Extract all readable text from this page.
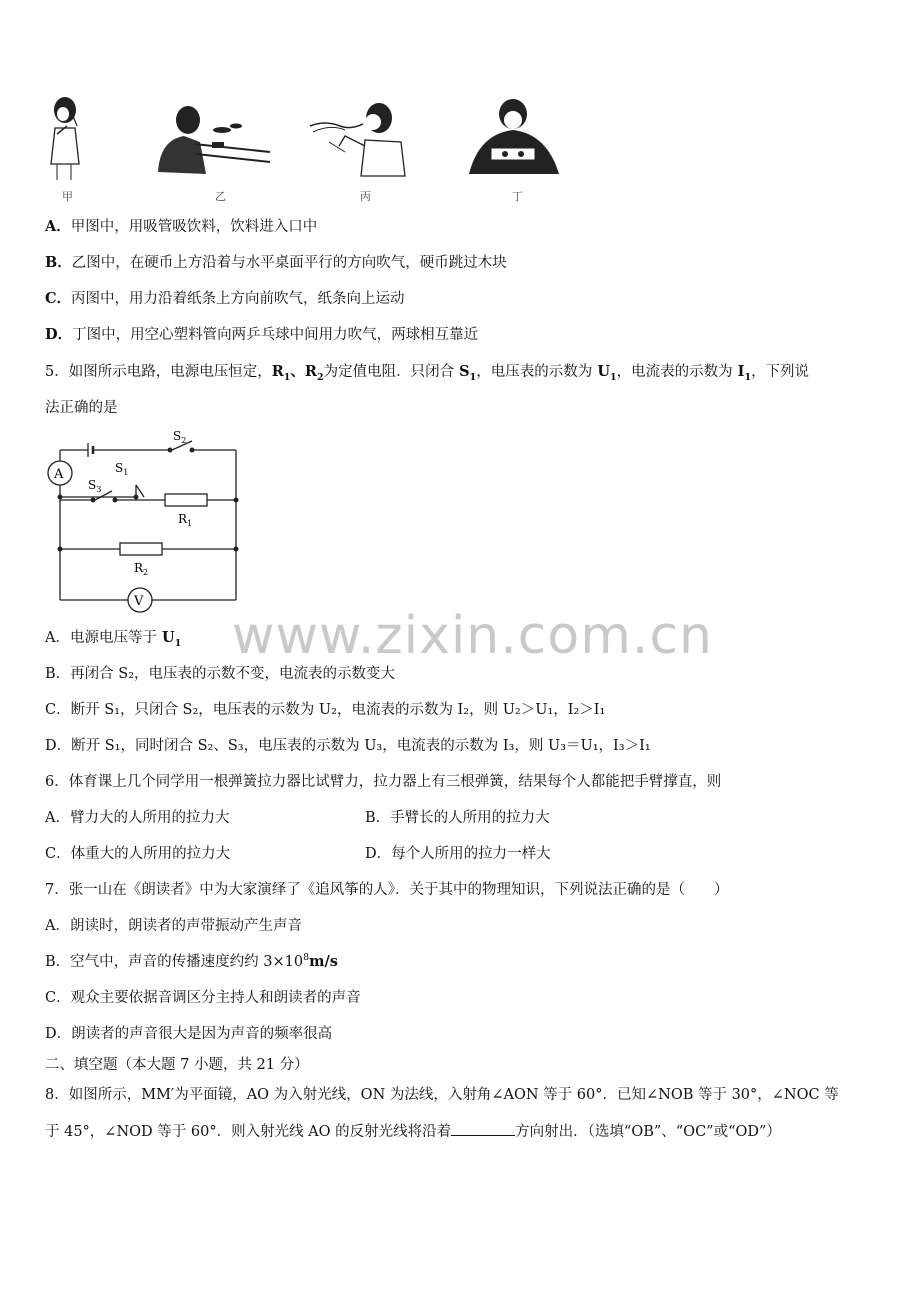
甲	乙	丙	丁
A．甲图中，用吸管吸饮料，饮料进入口中
B．乙图中，在硬币上方沿着与水平桌面平行的方向吹气，硬币跳过木块
C．丙图中，用力沿着纸条上方向前吹气，纸条向上运动
D．丁图中，用空心塑料管向两乒乓球中间用力吹气，两球相互靠近
5．如图所示电路，电源电压恒定，$R_1$、$R_2$为定值电阻．只闭合 $S_1$，电压表的示数为 $U_1$，电流表的示数为 $I_1$，下列说
法正确的是
A
V
$S_2$
$S_1$
$S_3$
$R_1$
$R_2$
www.zixin.com.cn
A．电源电压等于 $U_1$
B．再闭合 S₂，电压表的示数不变，电流表的示数变大
C．断开 S₁，只闭合 S₂，电压表的示数为 U₂，电流表的示数为 I₂，则 U₂＞U₁，I₂＞I₁
D．断开 S₁，同时闭合 S₂、S₃，电压表的示数为 U₃，电流表的示数为 I₃，则 U₃＝U₁，I₃＞I₁
6．体育课上几个同学用一根弹簧拉力器比试臂力，拉力器上有三根弹簧，结果每个人都能把手臂撑直，则
A．臂力大的人所用的拉力大	B．手臂长的人所用的拉力大
C．体重大的人所用的拉力大	D．每个人所用的拉力一样大
7．张一山在《朗读者》中为大家演绎了《追风筝的人》．关于其中的物理知识，下列说法正确的是（　　）
A．朗读时，朗读者的声带振动产生声音
B．空气中，声音的传播速度约约 $3\times 10^8m/s$
C．观众主要依据音调区分主持人和朗读者的声音
D．朗读者的声音很大是因为声音的频率很高
二、填空题（本大题 7 小题，共 21 分）
8．如图所示，MM′为平面镜，AO 为入射光线，ON 为法线，入射角∠AON 等于 60°．已知∠NOB 等于 30°，∠NOC 等
于 45°，∠NOD 等于 60°．则入射光线 AO 的反射光线将沿着	方向射出．（选填“OB”、“OC”或“OD”）
